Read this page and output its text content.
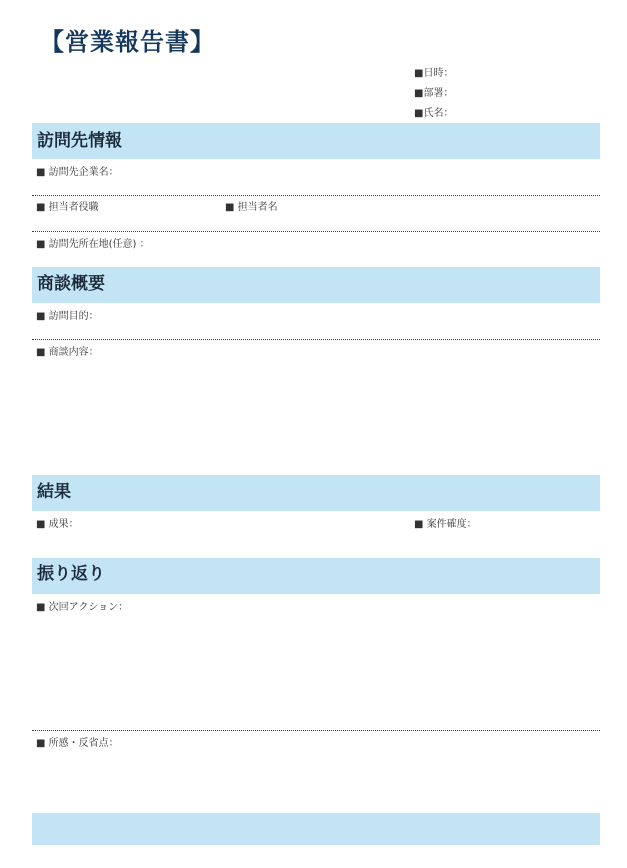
【営業報告書】
■日時：
■部署：
■氏名：
訪問先情報
■ 訪問先企業名：
■ 担当者役職	■ 担当者名
■ 訪問先所在地(任意) ：
商談概要
■ 訪問目的：
■ 商談内容：
結果
■ 成果：	■ 案件確度：
振り返り
■ 次回アクション：
■ 所感・反省点：
